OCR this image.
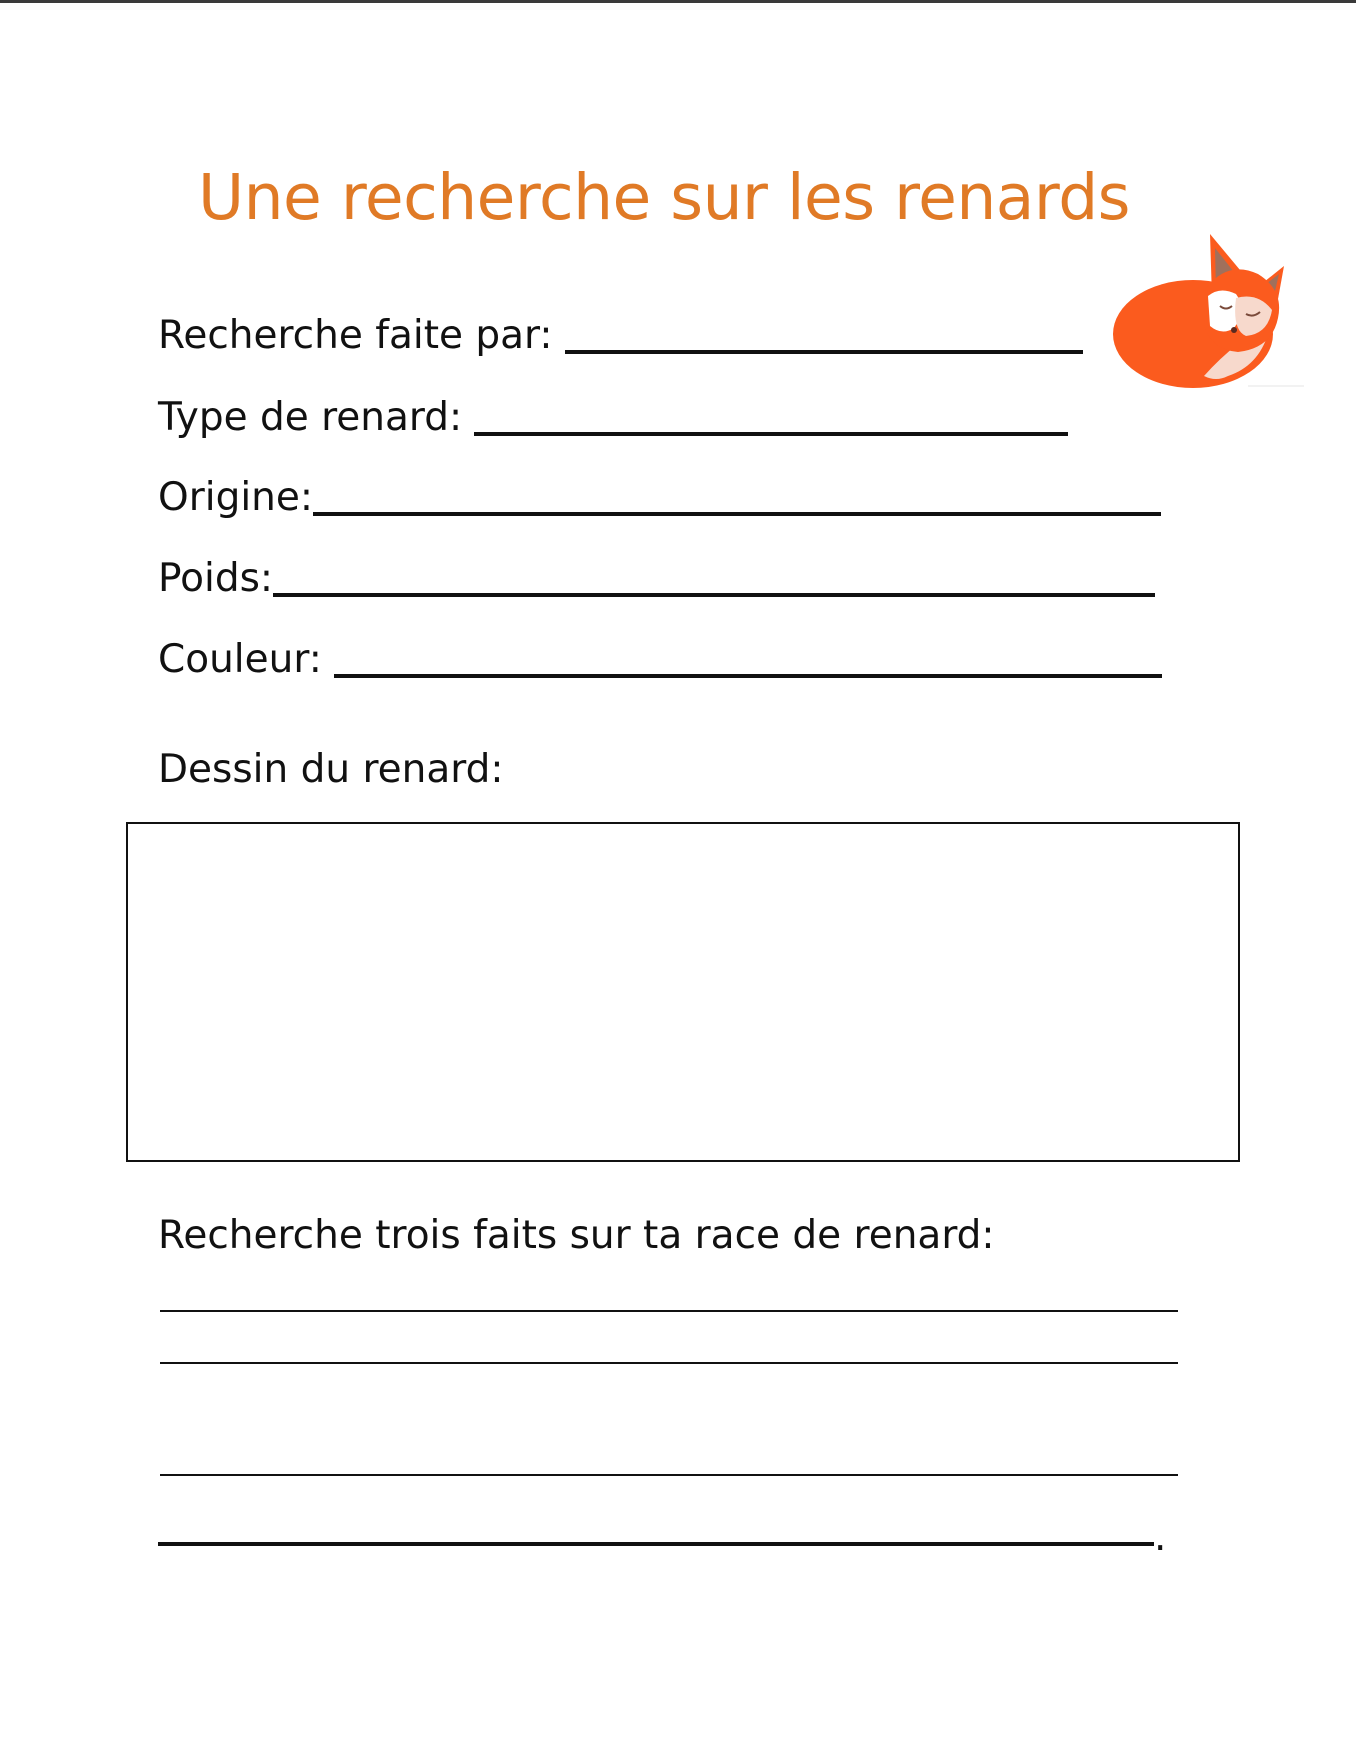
Une recherche sur les renards
Recherche faite par:
Type de renard:
Origine:
Poids:
Couleur:
Dessin du renard:
Recherche trois faits sur ta race de renard:
.
